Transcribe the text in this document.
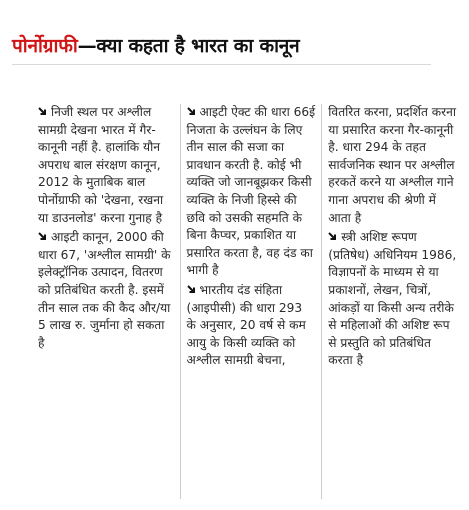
पोर्नोग्राफी—क्या कहता है भारत का कानून

निजी स्थल पर अश्लील सामग्री देखना भारत में गैर-कानूनी नहीं है. हालांकि यौन अपराध बाल संरक्षण कानून, 2012 के मुताबिक बाल पोर्नोग्राफी को 'देखना, रखना या डाउनलोड' करना गुनाह है

आइटी कानून, 2000 की धारा 67, 'अश्लील सामग्री' के इलेक्ट्रॉनिक उत्पादन, वितरण को प्रतिबंधित करती है. इसमें तीन साल तक की कैद और/या 5 लाख रु. जुर्माना हो सकता है

आइटी ऐक्ट की धारा 66ई निजता के उल्लंघन के लिए तीन साल की सजा का प्रावधान करती है. कोई भी व्यक्ति जो जानबूझकर किसी व्यक्ति के निजी हिस्से की छवि को उसकी सहमति के बिना कैप्चर, प्रकाशित या प्रसारित करता है, वह दंड का भागी है

भारतीय दंड संहिता (आइपीसी) की धारा 293 के अनुसार, 20 वर्ष से कम आयु के किसी व्यक्ति को अश्लील सामग्री बेचना,

वितरित करना, प्रदर्शित करना या प्रसारित करना गैर-कानूनी है. धारा 294 के तहत सार्वजनिक स्थान पर अश्लील हरकतें करने या अश्लील गाने गाना अपराध की श्रेणी में आता है

स्त्री अशिष्ट रूपण (प्रतिषेध) अधिनियम 1986, विज्ञापनों के माध्यम से या प्रकाशनों, लेखन, चित्रों, आंकड़ों या किसी अन्य तरीके से महिलाओं की अशिष्ट रूप से प्रस्तुति को प्रतिबंधित करता है
